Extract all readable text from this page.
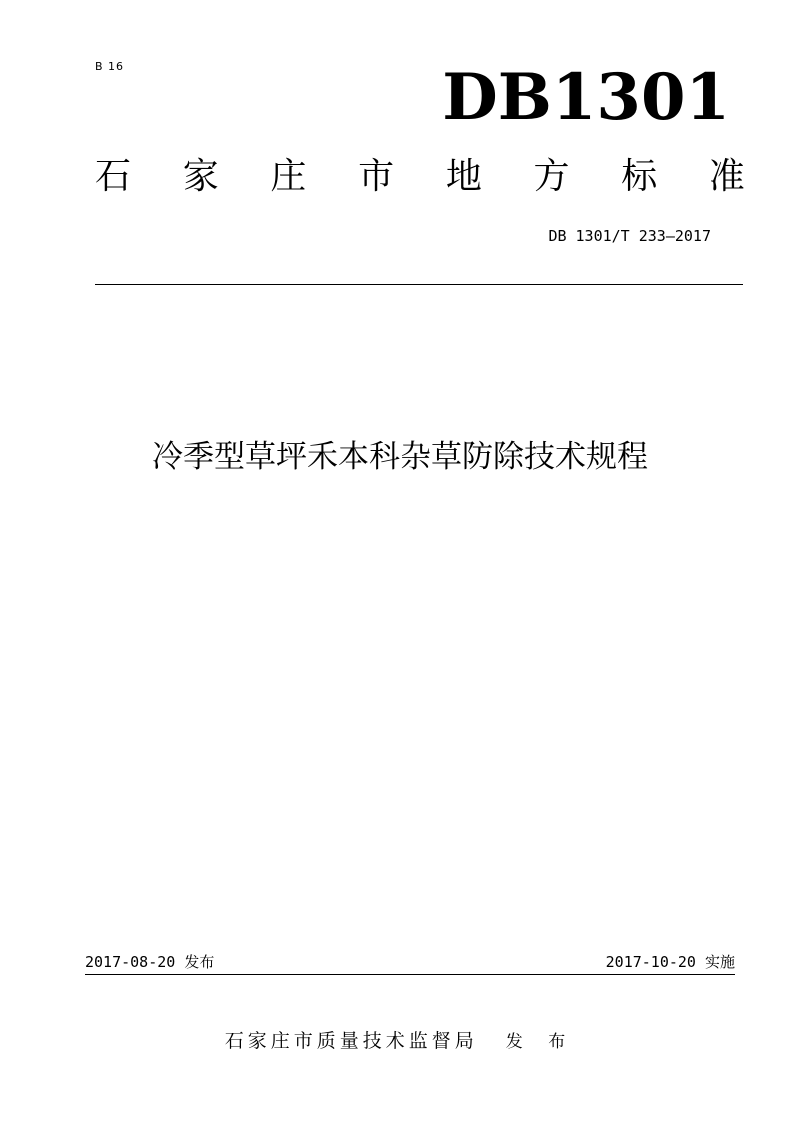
B 16	DB1301
石 家 庄 市 地 方 标 准
DB 1301/T 233—2017
冷季型草坪禾本科杂草防除技术规程
2017-08-20 发布	2017-10-20 实施
石家庄市质量技术监督局 发 布
